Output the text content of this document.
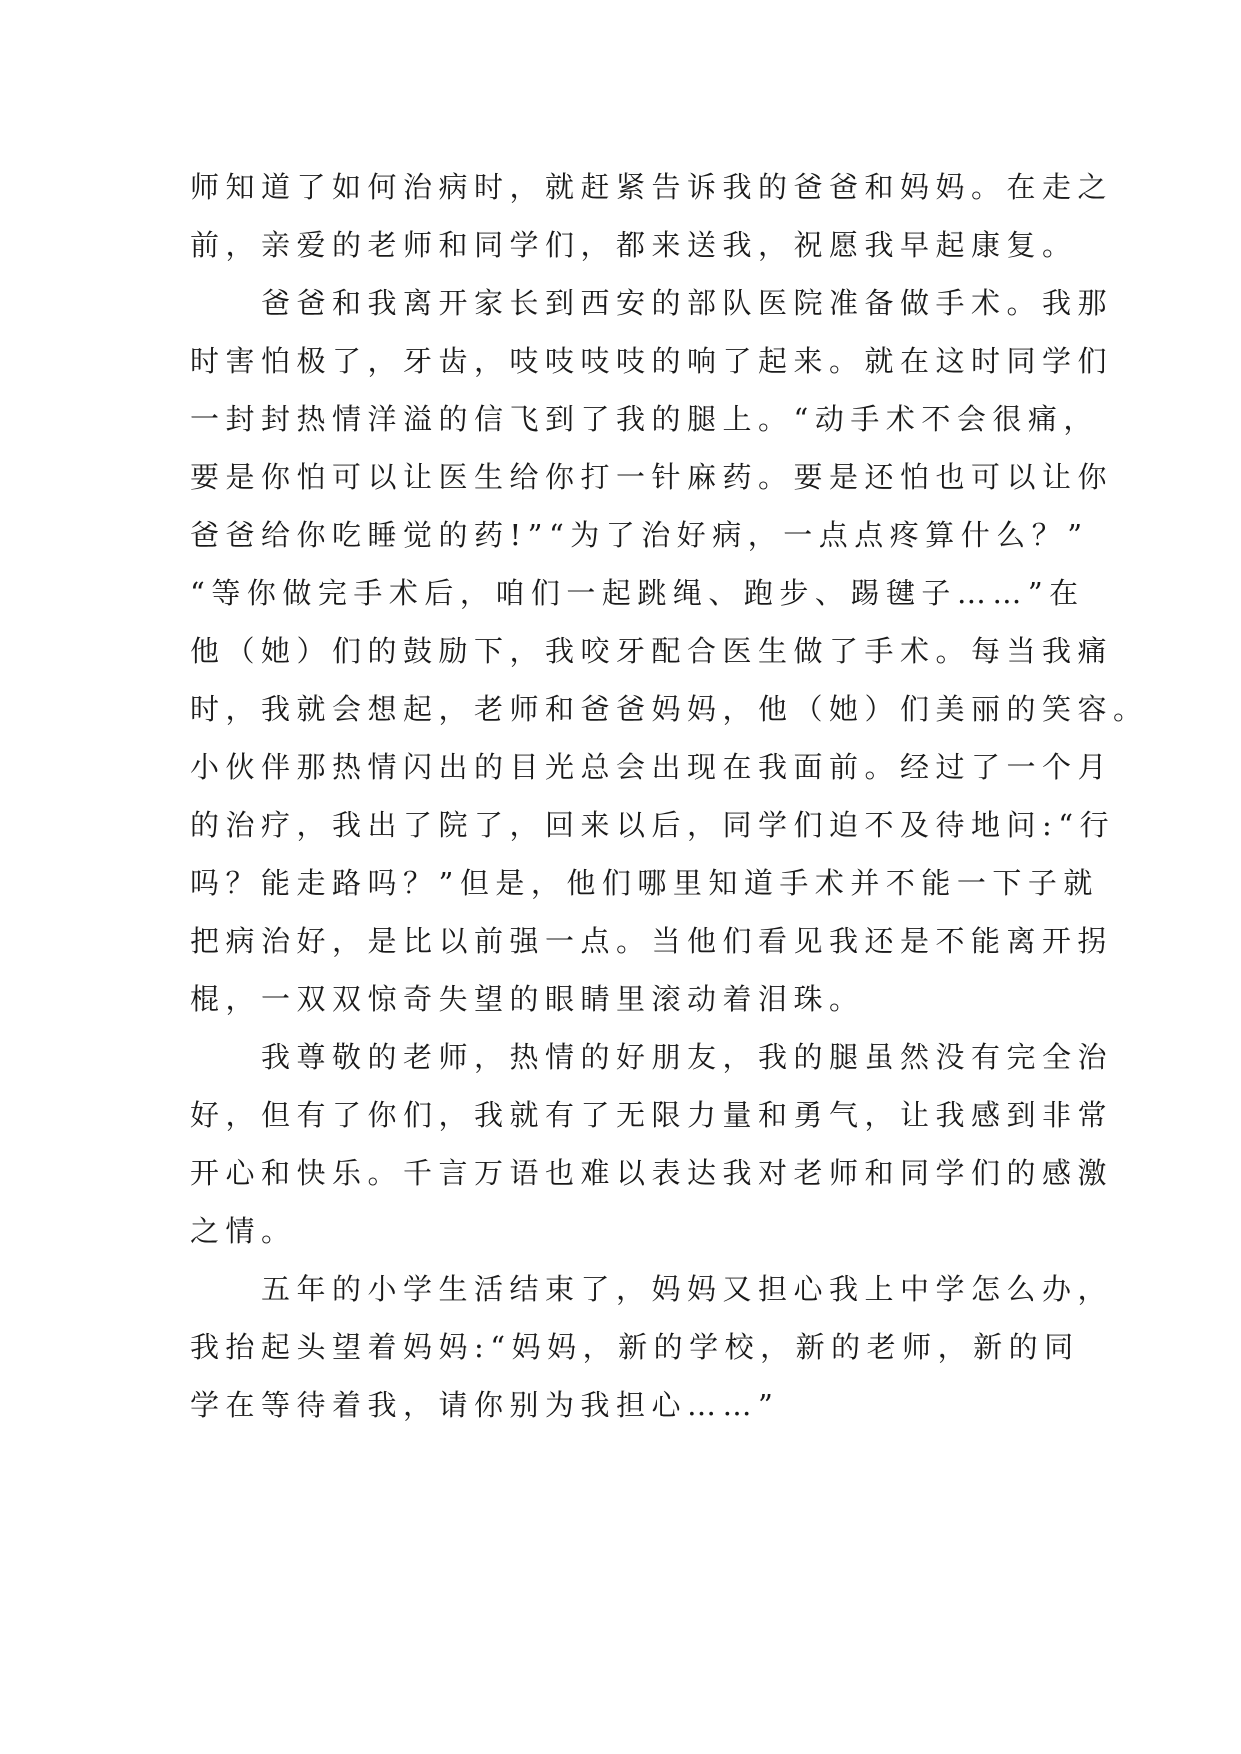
师知道了如何治病时，就赶紧告诉我的爸爸和妈妈。在走之
前，亲爱的老师和同学们，都来送我，祝愿我早起康复。
　　爸爸和我离开家长到西安的部队医院准备做手术。我那
时害怕极了，牙齿，吱吱吱吱的响了起来。就在这时同学们
一封封热情洋溢的信飞到了我的腿上。“动手术不会很痛，
要是你怕可以让医生给你打一针麻药。要是还怕也可以让你
爸爸给你吃睡觉的药!”“为了治好病，一点点疼算什么？”
“等你做完手术后，咱们一起跳绳、跑步、踢毽子……”在
他（她）们的鼓励下，我咬牙配合医生做了手术。每当我痛
时，我就会想起，老师和爸爸妈妈，他（她）们美丽的笑容。
小伙伴那热情闪出的目光总会出现在我面前。经过了一个月
的治疗，我出了院了，回来以后，同学们迫不及待地问:“行
吗？能走路吗？”但是，他们哪里知道手术并不能一下子就
把病治好，是比以前强一点。当他们看见我还是不能离开拐
棍，一双双惊奇失望的眼睛里滚动着泪珠。
　　我尊敬的老师，热情的好朋友，我的腿虽然没有完全治
好，但有了你们，我就有了无限力量和勇气，让我感到非常
开心和快乐。千言万语也难以表达我对老师和同学们的感激
之情。
　　五年的小学生活结束了，妈妈又担心我上中学怎么办，
我抬起头望着妈妈:“妈妈，新的学校，新的老师，新的同
学在等待着我，请你别为我担心……”
